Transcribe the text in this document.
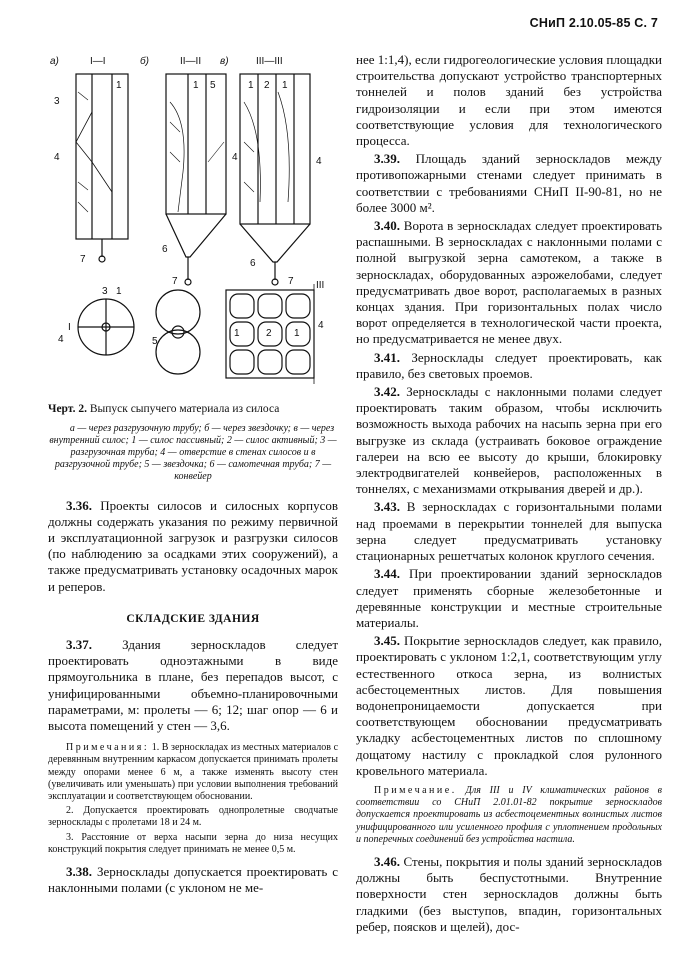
СНиП 2.10.05-85 С. 7
а)	I—I	б)	II—II в)	III—III
1
3
4
7
1 5
4
6
7
1 2 1
4
6
7
3 1
4	5
I
1	2 1
4
III

Черт. 2. Выпуск сыпучего материала из силоса

а — через разгрузочную трубу; б — через звездочку; в — через внутренний силос; 1 — силос пассивный; 2 — силос активный; 3 — разгрузочная труба; 4 — отверстие в стенах силосов и в разгрузочной трубе; 5 — звездочка; 6 — самотечная труба; 7 — конвейер

3.36. Проекты силосов и силосных корпусов должны содержать указания по режиму первичной и эксплуатационной загрузок и разгрузки силосов (по наблюдению за осадками этих сооружений), а также предусматривать установку осадочных марок и реперов.

СКЛАДСКИЕ ЗДАНИЯ

3.37. Здания зерноскладов следует проектировать одноэтажными в виде прямоугольника в плане, без перепадов высот, с унифицированными объемно-планировочными параметрами, м: пролеты — 6; 12; шаг опор — 6 и высота помещений у стен — 3,6.

Примечания: 1. В зерноскладах из местных материалов с деревянным внутренним каркасом допускается принимать пролеты между опорами менее 6 м, а также изменять высоту стен (увеличивать или уменьшать) при условии выполнения требований эксплуатации и соответствующем обосновании.

2. Допускается проектировать однопролетные сводчатые зерносклады с пролетами 18 и 24 м.

3. Расстояние от верха насыпи зерна до низа несущих конструкций покрытия следует принимать не менее 0,5 м.

3.38. Зерносклады допускается проектировать с наклонными полами (с уклоном не ме-

нее 1:1,4), если гидрогеологические условия площадки строительства допускают устройство транспортерных тоннелей и полов зданий без устройства гидроизоляции и если при этом имеются соответствующие условия для технологического процесса.

3.39. Площадь зданий зерноскладов между противопожарными стенами следует принимать в соответствии с требованиями СНиП II-90-81, но не более 3000 м².

3.40. Ворота в зерноскладах следует проектировать распашными. В зерноскладах с наклонными полами с полной выгрузкой зерна самотеком, а также в зерноскладах, оборудованных аэрожелобами, следует предусматривать двое ворот, располагаемых в разных концах здания. При горизонтальных полах число ворот определяется в технологической части проекта, но предусматривается не менее двух.

3.41. Зерносклады следует проектировать, как правило, без световых проемов.

3.42. Зерносклады с наклонными полами следует проектировать таким образом, чтобы исключить возможность выхода рабочих на насыпь зерна при его выгрузке из склада (устраивать боковое ограждение галереи на всю ее высоту до крыши, блокировку электродвигателей конвейеров, расположенных в тоннелях, с механизмами открывания дверей и др.).

3.43. В зерноскладах с горизонтальными полами над проемами в перекрытии тоннелей для выпуска зерна следует предусматривать установку стационарных решетчатых колонок круглого сечения.

3.44. При проектировании зданий зерноскладов следует применять сборные железобетонные и деревянные конструкции и местные строительные материалы.

3.45. Покрытие зерноскладов следует, как правило, проектировать с уклоном 1:2,1, соответствующим углу естественного откоса зерна, из волнистых асбестоцементных листов. Для повышения водонепроницаемости допускается при соответствующем обосновании предусматривать укладку асбестоцементных листов по сплошному дощатому настилу с прокладкой слоя рулонного кровельного материала.

Примечание. Для III и IV климатических районов в соответствии со СНиП 2.01.01-82 покрытие зерноскладов допускается проектировать из асбестоцементных волнистых листов унифицированного или усиленного профиля с уплотнением продольных и поперечных соединений без устройства настила.

3.46. Стены, покрытия и полы зданий зерноскладов должны быть беспустотными. Внутренние поверхности стен зерноскладов должны быть гладкими (без выступов, впадин, горизонтальных ребер, поясков и щелей), дос-
